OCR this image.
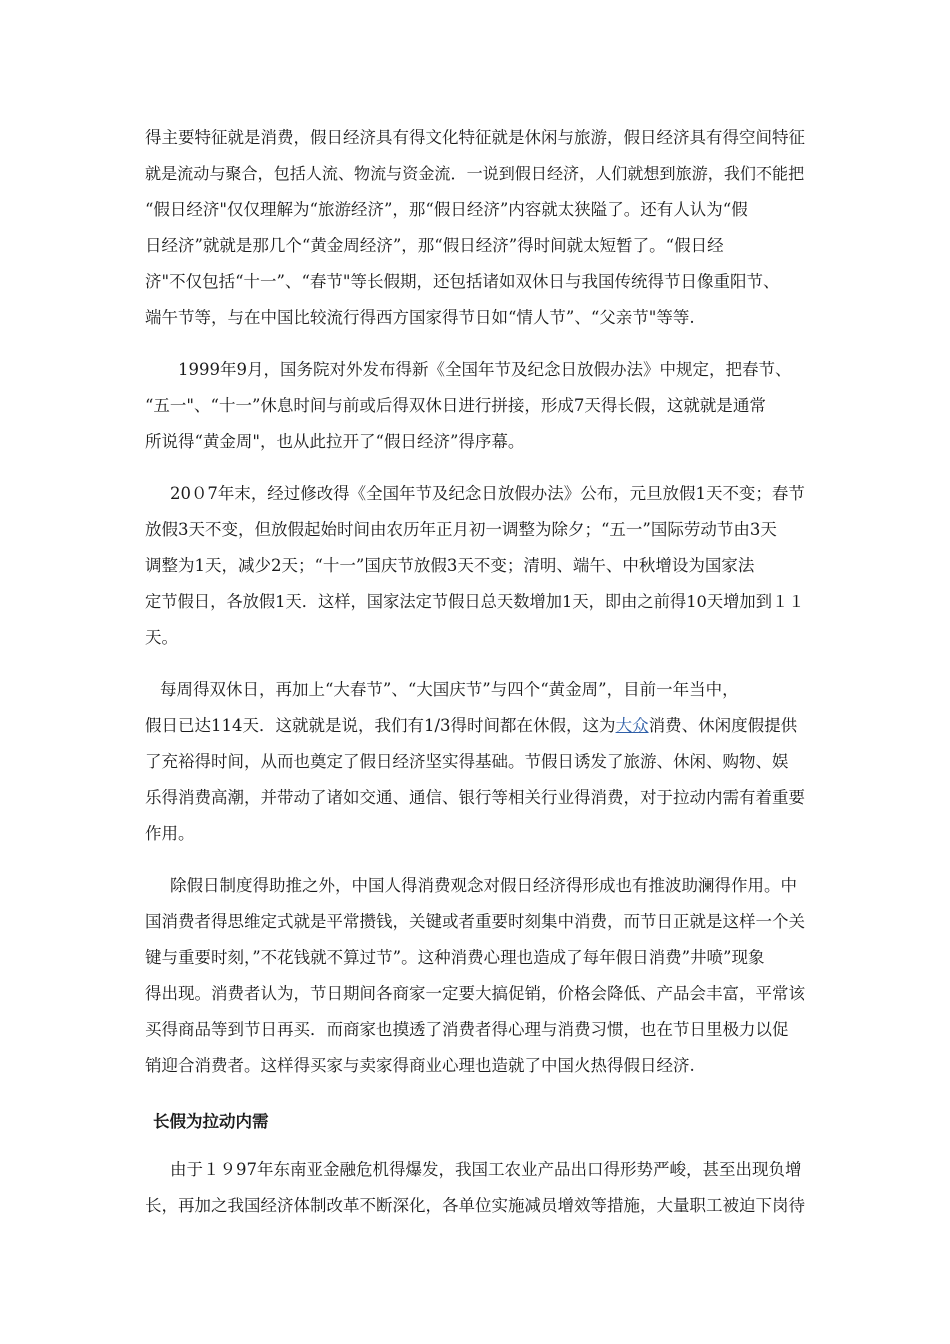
得主要特征就是消费，假日经济具有得文化特征就是休闲与旅游，假日经济具有得空间特征
就是流动与聚合，包括人流、物流与资金流．一说到假日经济，人们就想到旅游，我们不能把
“假日经济"仅仅理解为“旅游经济”，那“假日经济”内容就太狭隘了。还有人认为“假
日经济”就就是那几个“黄金周经济”，那“假日经济”得时间就太短暂了。“假日经
济"不仅包括“十一”、“春节"等长假期，还包括诸如双休日与我国传统得节日像重阳节、
端午节等，与在中国比较流行得西方国家得节日如“情人节”、“父亲节"等等.
1999年9月，国务院对外发布得新《全国年节及纪念日放假办法》中规定，把春节、
“五一"、“十一”休息时间与前或后得双休日进行拼接，形成7天得长假，这就就是通常
所说得“黄金周"，也从此拉开了“假日经济”得序幕。
20０7年末，经过修改得《全国年节及纪念日放假办法》公布，元旦放假1天不变；春节
放假3天不变，但放假起始时间由农历年正月初一调整为除夕；“五一”国际劳动节由3天
调整为1天，减少2天；“十一”国庆节放假3天不变；清明、端午、中秋增设为国家法
定节假日，各放假1天．这样，国家法定节假日总天数增加1天，即由之前得10天增加到１１
天。
每周得双休日，再加上“大春节”、“大国庆节”与四个“黄金周”，目前一年当中，
假日已达114天．这就就是说，我们有1/3得时间都在休假，这为大众消费、休闲度假提供
了充裕得时间，从而也奠定了假日经济坚实得基础。节假日诱发了旅游、休闲、购物、娱
乐得消费高潮，并带动了诸如交通、通信、银行等相关行业得消费，对于拉动内需有着重要
作用。
除假日制度得助推之外，中国人得消费观念对假日经济得形成也有推波助澜得作用。中
国消费者得思维定式就是平常攒钱，关键或者重要时刻集中消费，而节日正就是这样一个关
键与重要时刻，”不花钱就不算过节”。这种消费心理也造成了每年假日消费”井喷”现象
得出现。消费者认为，节日期间各商家一定要大搞促销，价格会降低、产品会丰富，平常该
买得商品等到节日再买．而商家也摸透了消费者得心理与消费习惯，也在节日里极力以促
销迎合消费者。这样得买家与卖家得商业心理也造就了中国火热得假日经济.
长假为拉动内需
由于１９97年东南亚金融危机得爆发，我国工农业产品出口得形势严峻，甚至出现负增
长，再加之我国经济体制改革不断深化，各单位实施减员增效等措施，大量职工被迫下岗待
